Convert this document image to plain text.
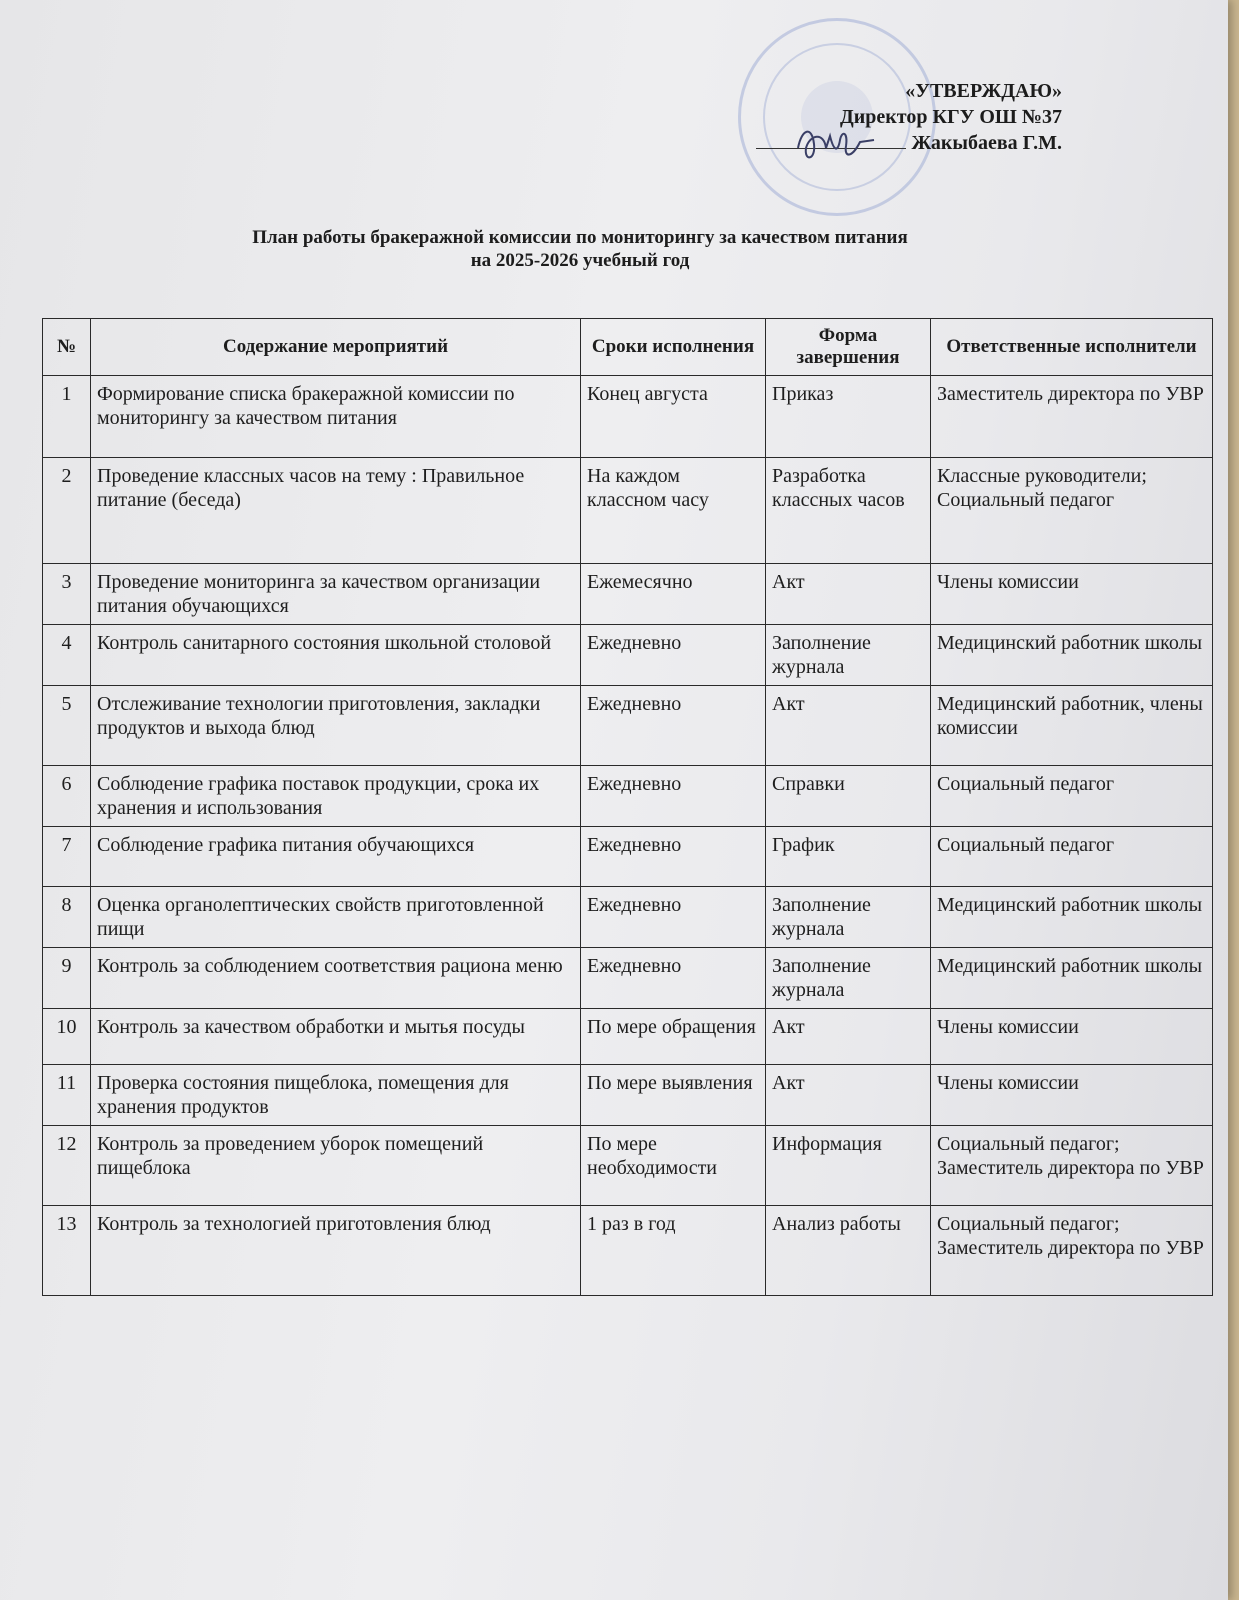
«УТВЕРЖДАЮ»
Директор КГУ ОШ №37
Жакыбаева Г.М.
План работы бракеражной комиссии по мониторингу за качеством питания
на 2025-2026 учебный год
№	Содержание мероприятий	Сроки исполнения	Форма завершения	Ответственные исполнители
1	Формирование списка бракеражной комиссии по мониторингу за качеством питания	Конец августа	Приказ	Заместитель директора по УВР
2	Проведение классных часов на тему : Правильное питание (беседа)	На каждом классном часу	Разработка классных часов	Классные руководители; Социальный педагог
3	Проведение мониторинга за качеством организации питания обучающихся	Ежемесячно	Акт	Члены комиссии
4	Контроль санитарного состояния школьной столовой	Ежедневно	Заполнение журнала	Медицинский работник школы
5	Отслеживание технологии приготовления, закладки продуктов и выхода блюд	Ежедневно	Акт	Медицинский работник, члены комиссии
6	Соблюдение графика поставок продукции, срока их хранения и использования	Ежедневно	Справки	Социальный педагог
7	Соблюдение графика питания обучающихся	Ежедневно	График	Социальный педагог
8	Оценка органолептических свойств приготовленной пищи	Ежедневно	Заполнение журнала	Медицинский работник школы
9	Контроль за соблюдением соответствия рациона меню	Ежедневно	Заполнение журнала	Медицинский работник школы
10	Контроль за качеством обработки и мытья посуды	По мере обращения	Акт	Члены комиссии
11	Проверка состояния пищеблока, помещения для хранения продуктов	По мере выявления	Акт	Члены комиссии
12	Контроль за проведением уборок помещений пищеблока	По мере необходимости	Информация	Социальный педагог; Заместитель директора по УВР
13	Контроль за технологией приготовления блюд	1 раз в год	Анализ работы	Социальный педагог; Заместитель директора по УВР
